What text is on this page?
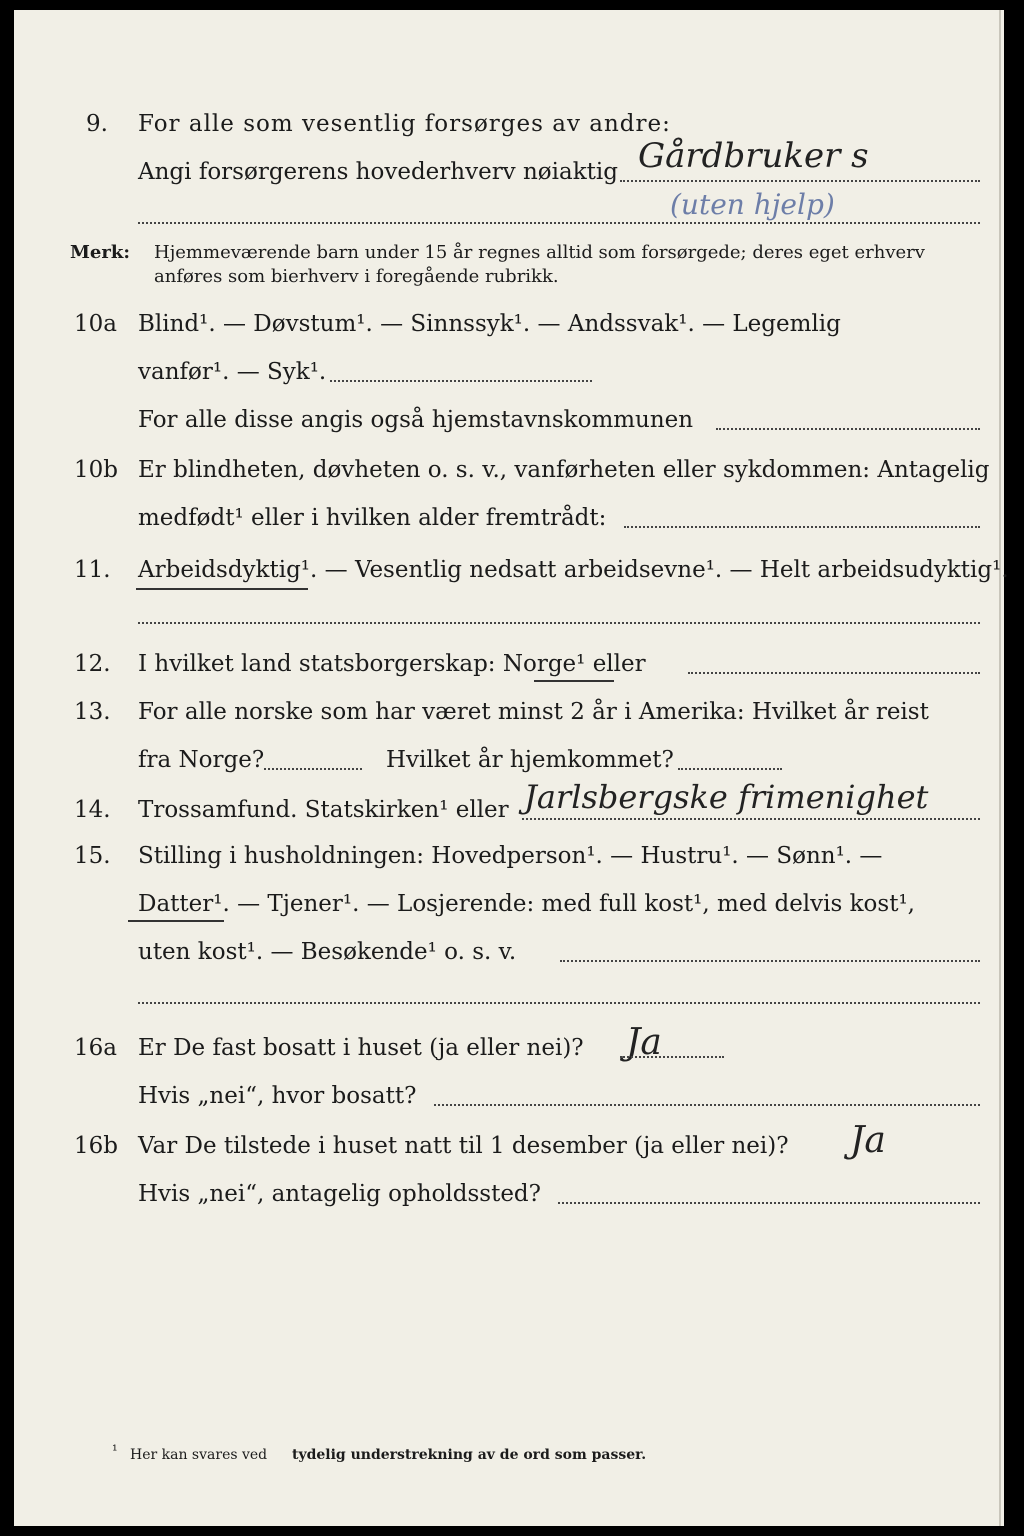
9. For alle som vesentlig forsørges av andre:
Angi forsørgerens hovederhverv nøiaktig Gårdbruker s
(uten hjelp)
Merk: Hjemmeværende barn under 15 år regnes alltid som forsørgede; deres eget erhverv
anføres som bierhverv i foregående rubrikk.
10a Blind¹. — Døvstum¹. — Sinnssyk¹. — Andssvak¹. — Legemlig
vanfør¹. — Syk¹.
For alle disse angis også hjemstavnskommunen
10b Er blindheten, døvheten o. s. v., vanførheten eller sykdommen: Antagelig
medfødt¹ eller i hvilken alder fremtrådt:
11. Arbeidsdyktig¹. — Vesentlig nedsatt arbeidsevne¹. — Helt arbeidsudyktig¹.
12. I hvilket land statsborgerskap: Norge¹ eller
13. For alle norske som har været minst 2 år i Amerika: Hvilket år reist
fra Norge?	Hvilket år hjemkommet?
14. Trossamfund. Statskirken¹ eller Jarlsbergske frimenighet
15. Stilling i husholdningen: Hovedperson¹. — Hustru¹. — Sønn¹. —
Datter¹. — Tjener¹. — Losjerende: med full kost¹, med delvis kost¹,
uten kost¹. — Besøkende¹ o. s. v.
16a Er De fast bosatt i huset (ja eller nei)? Ja
Hvis „nei“, hvor bosatt?
16b Var De tilstede i huset natt til 1 desember (ja eller nei)? Ja
Hvis „nei“, antagelig opholdssted?
¹ Her kan svares ved tydelig understrekning av de ord som passer.
